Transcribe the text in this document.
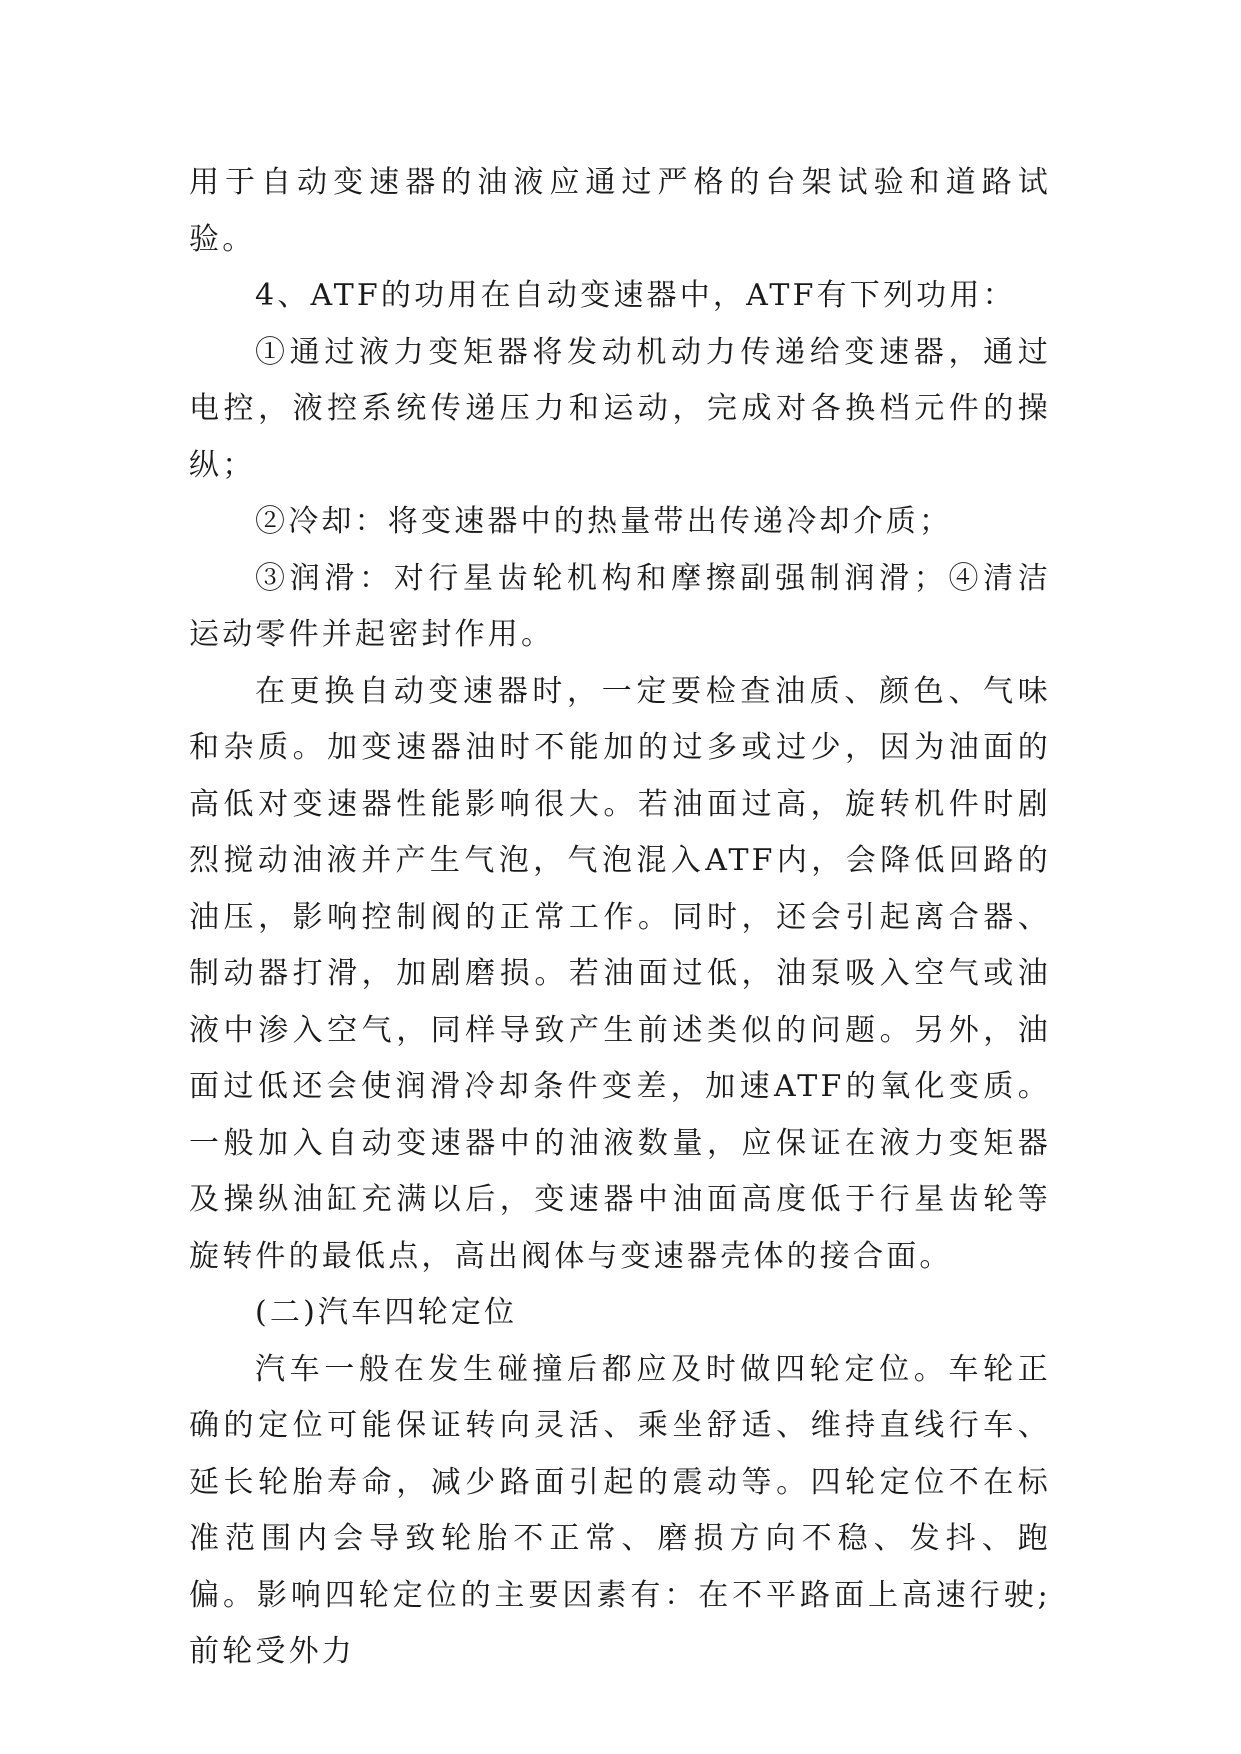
用于自动变速器的油液应通过严格的台架试验和道路试验。

4、ATF的功用在自动变速器中，ATF有下列功用：

①通过液力变矩器将发动机动力传递给变速器，通过电控，液控系统传递压力和运动，完成对各换档元件的操纵；

②冷却：将变速器中的热量带出传递冷却介质；

③润滑：对行星齿轮机构和摩擦副强制润滑；④清洁运动零件并起密封作用。

在更换自动变速器时，一定要检查油质、颜色、气味和杂质。加变速器油时不能加的过多或过少，因为油面的高低对变速器性能影响很大。若油面过高，旋转机件时剧烈搅动油液并产生气泡，气泡混入ATF内，会降低回路的油压，影响控制阀的正常工作。同时，还会引起离合器、制动器打滑，加剧磨损。若油面过低，油泵吸入空气或油液中渗入空气，同样导致产生前述类似的问题。另外，油面过低还会使润滑冷却条件变差，加速ATF的氧化变质。一般加入自动变速器中的油液数量，应保证在液力变矩器及操纵油缸充满以后，变速器中油面高度低于行星齿轮等旋转件的最低点，高出阀体与变速器壳体的接合面。

(二)汽车四轮定位

汽车一般在发生碰撞后都应及时做四轮定位。车轮正确的定位可能保证转向灵活、乘坐舒适、维持直线行车、延长轮胎寿命，减少路面引起的震动等。四轮定位不在标准范围内会导致轮胎不正常、磨损方向不稳、发抖、跑偏。影响四轮定位的主要因素有：在不平路面上高速行驶;前轮受外力
